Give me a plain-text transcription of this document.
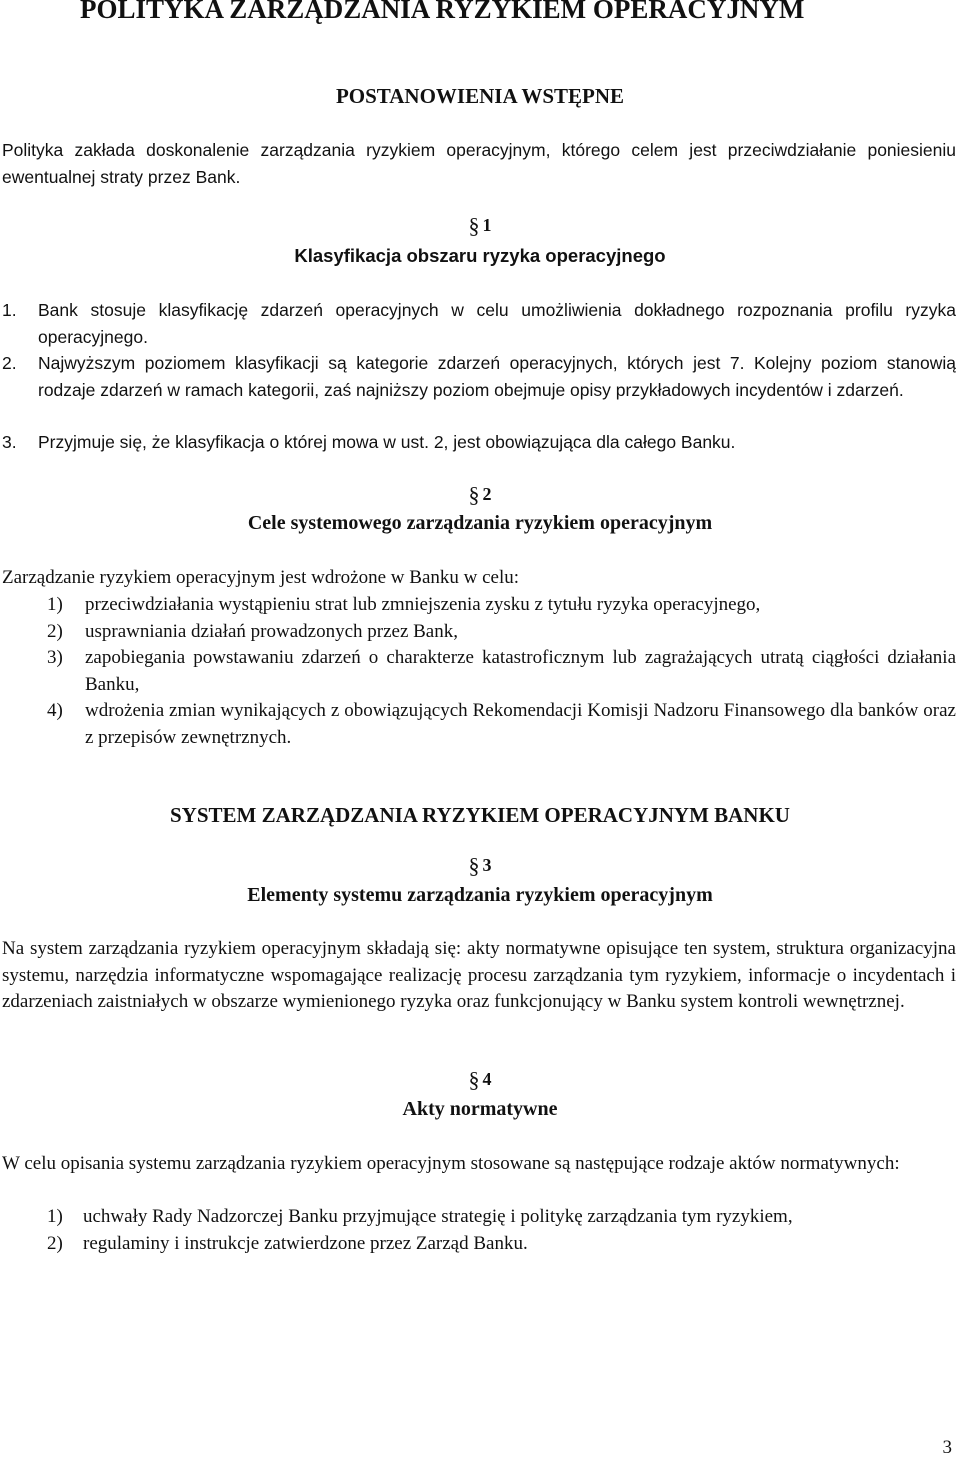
POLITYKA ZARZĄDZANIA RYZYKIEM OPERACYJNYM
POSTANOWIENIA WSTĘPNE

Polityka zakłada doskonalenie zarządzania ryzykiem operacyjnym, którego celem jest przeciwdziałanie poniesieniu ewentualnej straty przez Bank.

§ 1
Klasyfikacja obszaru ryzyka operacyjnego
1.	Bank stosuje klasyfikację zdarzeń operacyjnych w celu umożliwienia dokładnego rozpoznania profilu ryzyka operacyjnego.
2.	Najwyższym poziomem klasyfikacji są kategorie zdarzeń operacyjnych, których jest 7. Kolejny poziom stanowią rodzaje zdarzeń w ramach kategorii, zaś najniższy poziom obejmuje opisy przykładowych incydentów i zdarzeń.
3.	Przyjmuje się, że klasyfikacja o której mowa w ust. 2, jest obowiązująca dla całego Banku.
§ 2
Cele systemowego zarządzania ryzykiem operacyjnym

Zarządzanie ryzykiem operacyjnym jest wdrożone w Banku w celu:

1)	przeciwdziałania wystąpieniu strat lub zmniejszenia zysku z tytułu ryzyka operacyjnego,
2)	usprawniania działań prowadzonych przez Bank,
3)	zapobiegania powstawaniu zdarzeń o charakterze katastroficznym lub zagrażających utratą ciągłości działania Banku,
4)	wdrożenia zmian wynikających z obowiązujących Rekomendacji Komisji Nadzoru Finansowego dla banków oraz z przepisów zewnętrznych.
SYSTEM ZARZĄDZANIA RYZYKIEM OPERACYJNYM BANKU
§ 3
Elementy systemu zarządzania ryzykiem operacyjnym

Na system zarządzania ryzykiem operacyjnym składają się: akty normatywne opisujące ten system, struktura organizacyjna systemu, narzędzia informatyczne wspomagające realizację procesu zarządzania tym ryzykiem, informacje o incydentach i zdarzeniach zaistniałych w obszarze wymienionego ryzyka oraz funkcjonujący w Banku system kontroli wewnętrznej.

§ 4
Akty normatywne

W celu opisania systemu zarządzania ryzykiem operacyjnym stosowane są następujące rodzaje aktów normatywnych:

1)	uchwały Rady Nadzorczej Banku przyjmujące strategię i politykę zarządzania tym ryzykiem,
2)	regulaminy i instrukcje zatwierdzone przez Zarząd Banku.
3
